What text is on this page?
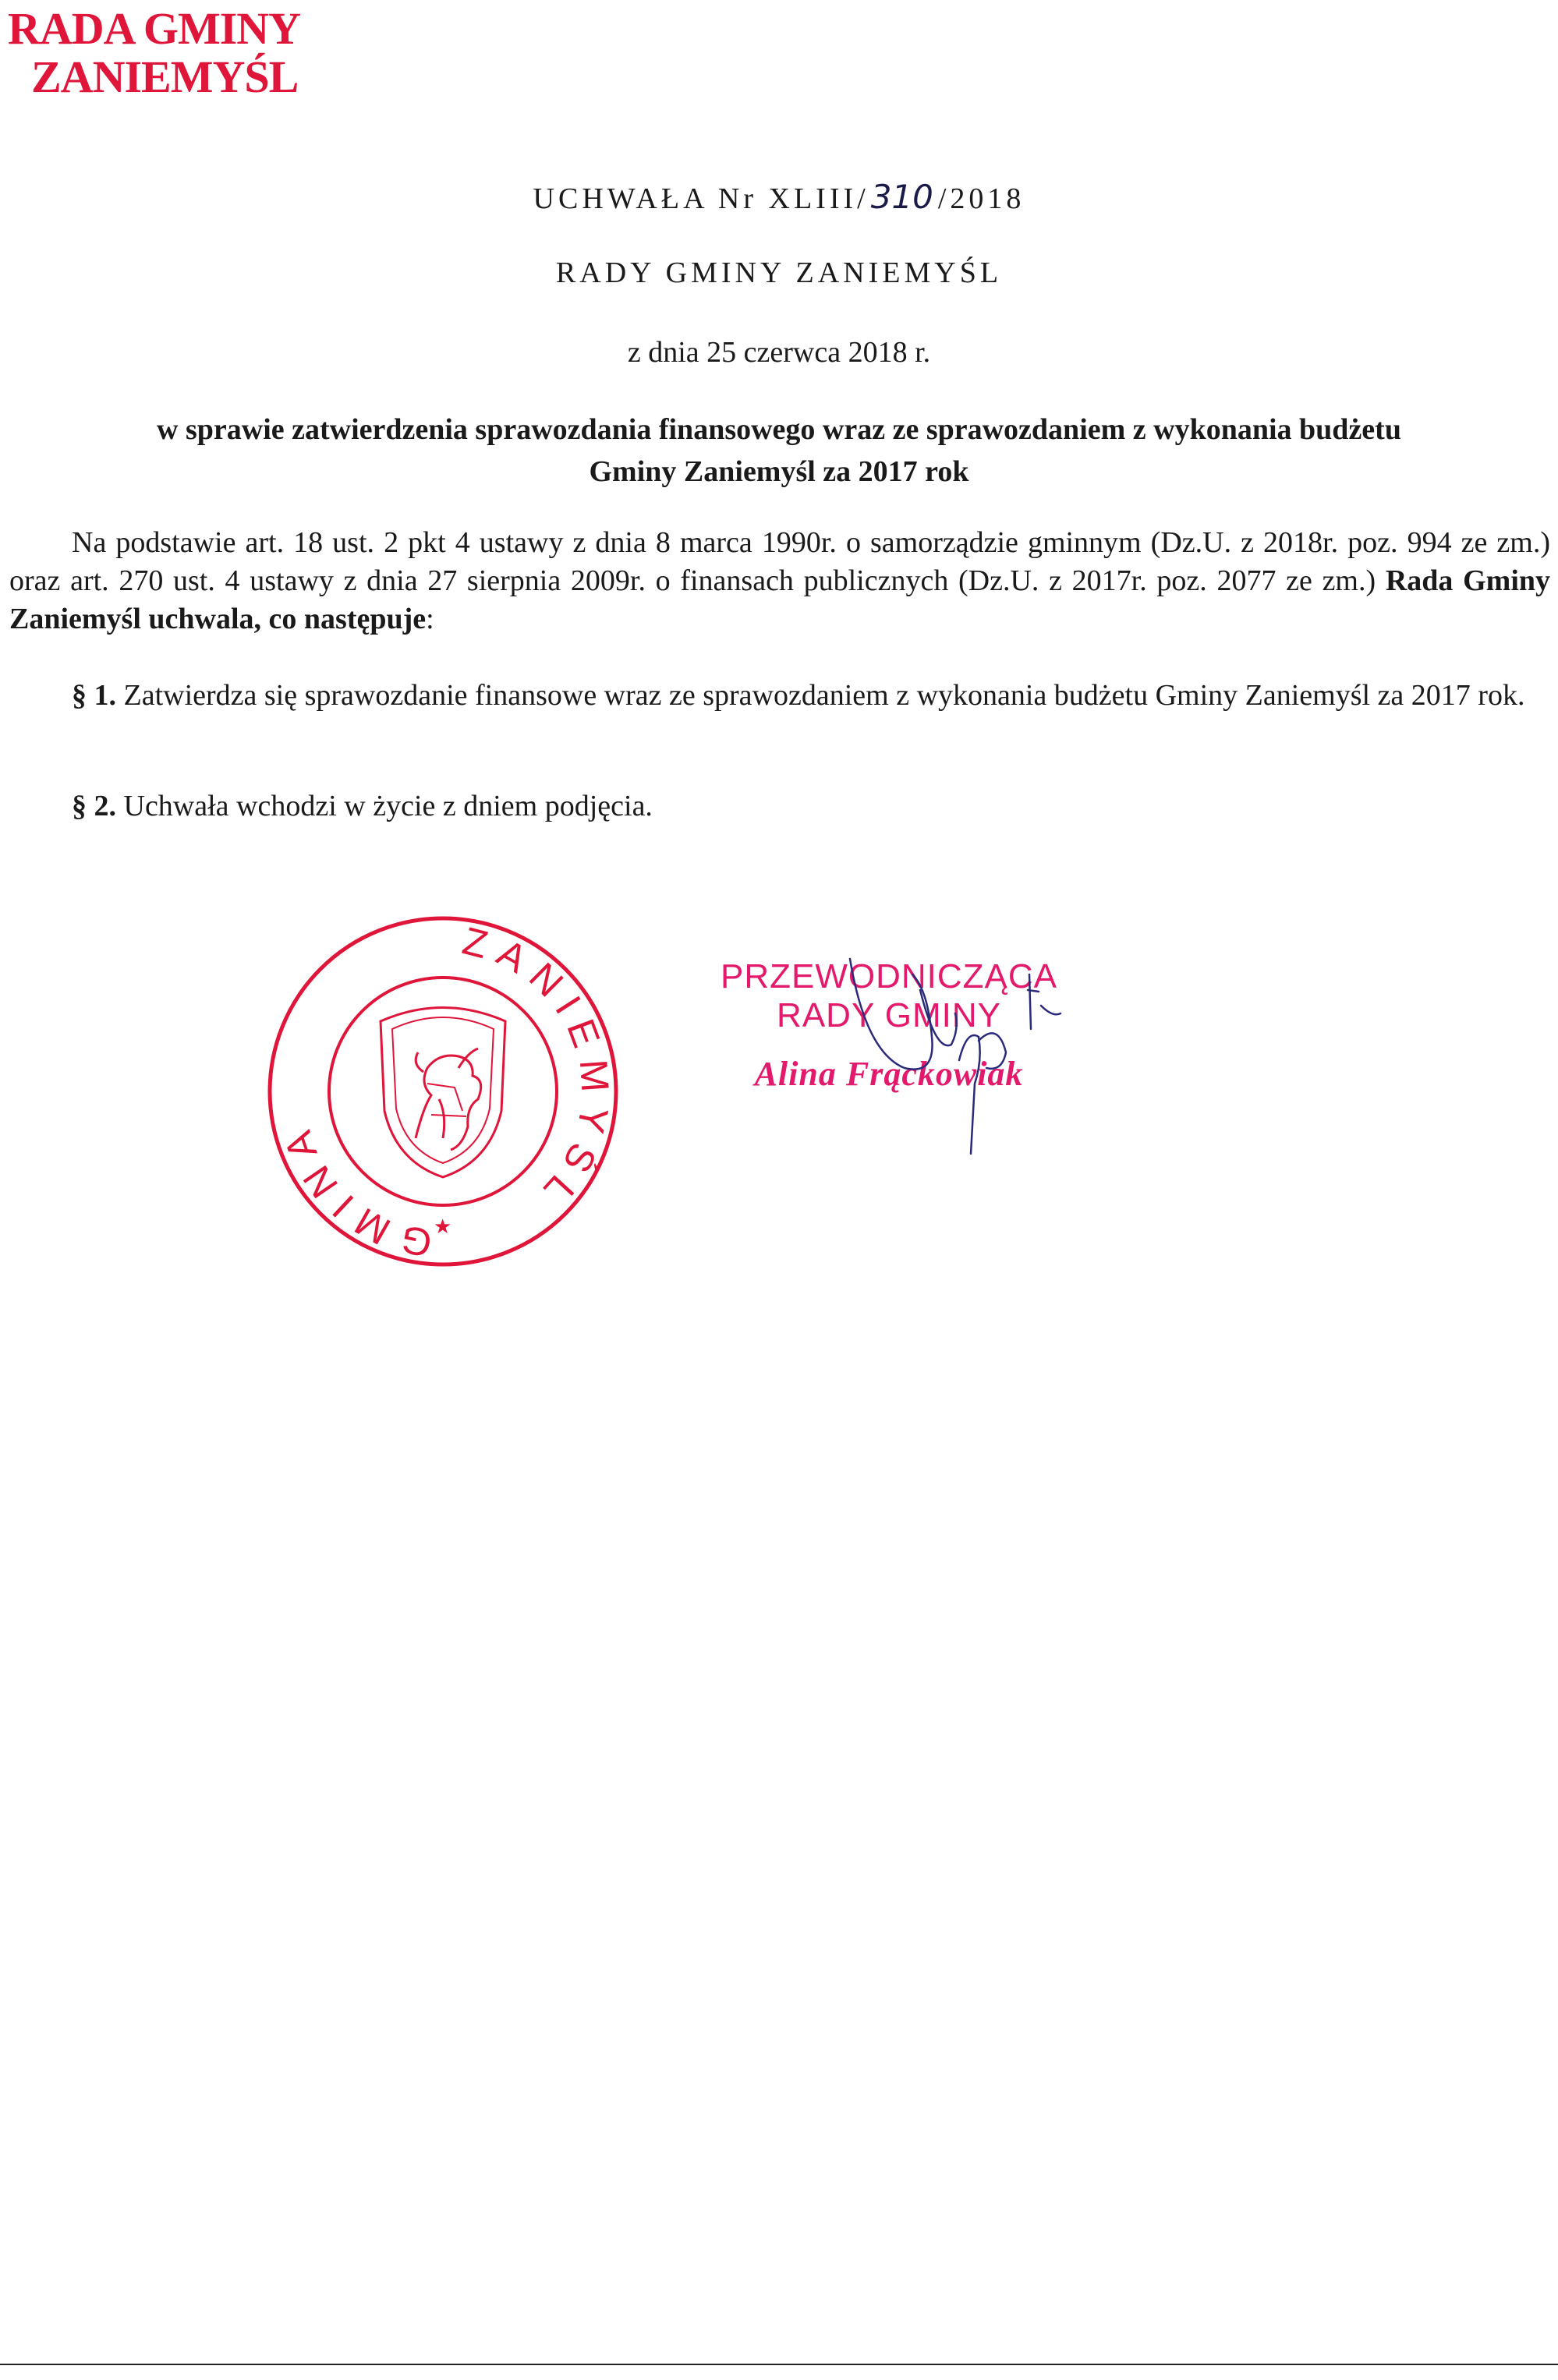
RADA GMINY
ZANIEMYŚL
UCHWAŁA Nr XLIII/310 /2018
RADY GMINY ZANIEMYŚL
z dnia 25 czerwca 2018 r.
w sprawie zatwierdzenia sprawozdania finansowego wraz ze sprawozdaniem z wykonania budżetu
Gminy Zaniemyśl za 2017 rok
Na podstawie art. 18 ust. 2 pkt 4 ustawy z dnia 8 marca 1990r. o samorządzie gminnym (Dz.U. z 2018r. poz. 994 ze zm.) oraz art. 270 ust. 4 ustawy z dnia 27 sierpnia 2009r. o finansach publicznych (Dz.U. z 2017r. poz. 2077 ze zm.) Rada Gminy Zaniemyśl uchwala, co następuje:
§ 1. Zatwierdza się sprawozdanie finansowe wraz ze sprawozdaniem z wykonania budżetu Gminy Zaniemyśl za 2017 rok.
§ 2. Uchwała wchodzi w życie z dniem podjęcia.
ZANIEMYŚL
GMINA
★
PRZEWODNICZĄCA
RADY GMINY
Alina Frąckowiak
